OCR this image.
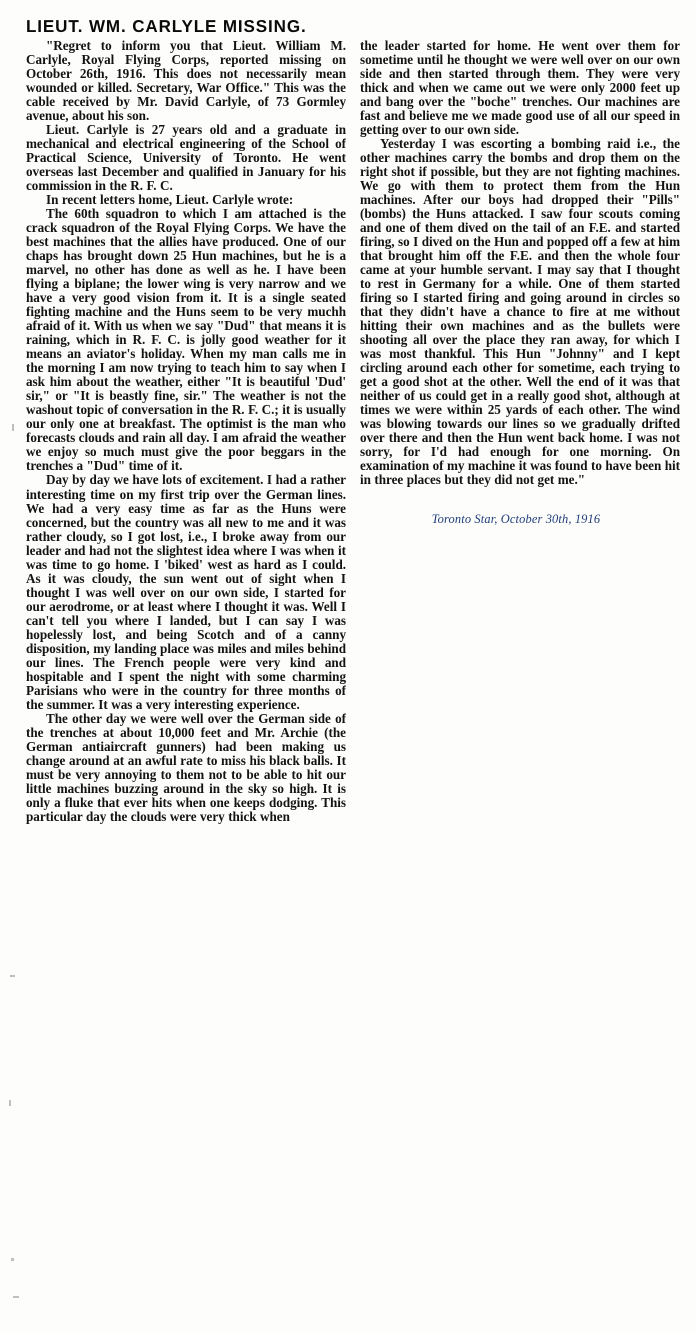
LIEUT. WM. CARLYLE MISSING.

"Regret to inform you that Lieut. William M. Carlyle, Royal Flying Corps, reported missing on October 26th, 1916. This does not necessarily mean wounded or killed. Secretary, War Office." This was the cable received by Mr. David Carlyle, of 73 Gormley avenue, about his son.

Lieut. Carlyle is 27 years old and a graduate in mechanical and electrical engineering of the School of Practical Science, University of Toronto. He went overseas last December and qualified in January for his commission in the R. F. C.

In recent letters home, Lieut. Carlyle wrote:

The 60th squadron to which I am attached is the crack squadron of the Royal Flying Corps. We have the best machines that the allies have produced. One of our chaps has brought down 25 Hun machines, but he is a marvel, no other has done as well as he. I have been flying a biplane; the lower wing is very narrow and we have a very good vision from it. It is a single seated fighting machine and the Huns seem to be very muchh afraid of it. With us when we say "Dud" that means it is raining, which in R. F. C. is jolly good weather for it means an aviator's holiday. When my man calls me in the morning I am now trying to teach him to say when I ask him about the weather, either "It is beautiful 'Dud' sir," or "It is beastly fine, sir." The weather is not the washout topic of conversation in the R. F. C.; it is usually our only one at breakfast. The optimist is the man who forecasts clouds and rain all day. I am afraid the weather we enjoy so much must give the poor beggars in the trenches a "Dud" time of it.

Day by day we have lots of excitement. I had a rather interesting time on my first trip over the German lines. We had a very easy time as far as the Huns were concerned, but the country was all new to me and it was rather cloudy, so I got lost, i.e., I broke away from our leader and had not the slightest idea where I was when it was time to go home. I 'biked' west as hard as I could. As it was cloudy, the sun went out of sight when I thought I was well over on our own side, I started for our aerodrome, or at least where I thought it was. Well I can't tell you where I landed, but I can say I was hopelessly lost, and being Scotch and of a canny disposition, my landing place was miles and miles behind our lines. The French people were very kind and hospitable and I spent the night with some charming Parisians who were in the country for three months of the summer. It was a very interesting experience.

The other day we were well over the German side of the trenches at about 10,000 feet and Mr. Archie (the German antiaircraft gunners) had been making us change around at an awful rate to miss his black balls. It must be very annoying to them not to be able to hit our little machines buzzing around in the sky so high. It is only a fluke that ever hits when one keeps dodging. This particular day the clouds were very thick when

the leader started for home. He went over them for sometime until he thought we were well over on our own side and then started through them. They were very thick and when we came out we were only 2000 feet up and bang over the "boche" trenches. Our machines are fast and believe me we made good use of all our speed in getting over to our own side.

Yesterday I was escorting a bombing raid i.e., the other machines carry the bombs and drop them on the right shot if possible, but they are not fighting machines. We go with them to protect them from the Hun machines. After our boys had dropped their "Pills" (bombs) the Huns attacked. I saw four scouts coming and one of them dived on the tail of an F.E. and started firing, so I dived on the Hun and popped off a few at him that brought him off the F.E. and then the whole four came at your humble servant. I may say that I thought to rest in Germany for a while. One of them started firing so I started firing and going around in circles so that they didn't have a chance to fire at me without hitting their own machines and as the bullets were shooting all over the place they ran away, for which I was most thankful. This Hun "Johnny" and I kept circling around each other for sometime, each trying to get a good shot at the other. Well the end of it was that neither of us could get in a really good shot, although at times we were within 25 yards of each other. The wind was blowing towards our lines so we gradually drifted over there and then the Hun went back home. I was not sorry, for I'd had enough for one morning. On examination of my machine it was found to have been hit in three places but they did not get me."

Toronto Star, October 30th, 1916
